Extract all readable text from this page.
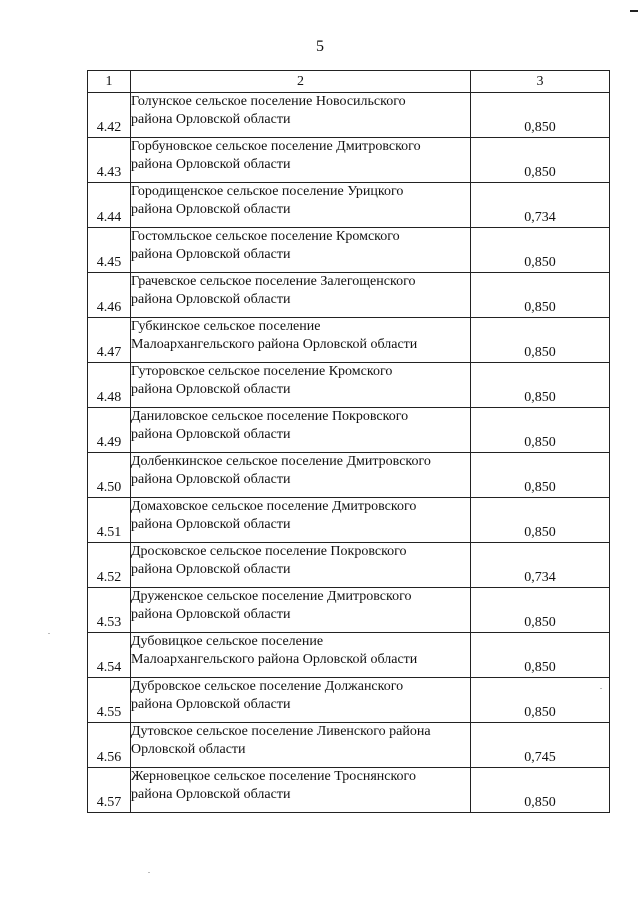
5
1	2	3
4.42	Голунское сельское поселение Новосильского
района Орловской области	0,850
4.43	Горбуновское сельское поселение Дмитровского
района Орловской области	0,850
4.44	Городищенское сельское поселение Урицкого
района Орловской области	0,734
4.45	Гостомльское сельское поселение Кромского
района Орловской области	0,850
4.46	Грачевское сельское поселение Залегощенского
района Орловской области	0,850
4.47	Губкинское сельское поселение
Малоархангельского района Орловской области	0,850
4.48	Гуторовское сельское поселение Кромского
района Орловской области	0,850
4.49	Даниловское сельское поселение Покровского
района Орловской области	0,850
4.50	Долбенкинское сельское поселение Дмитровского
района Орловской области	0,850
4.51	Домаховское сельское поселение Дмитровского
района Орловской области	0,850
4.52	Дросковское сельское поселение Покровского
района Орловской области	0,734
4.53	Друженское сельское поселение Дмитровского
района Орловской области	0,850
4.54	Дубовицкое сельское поселение
Малоархангельского района Орловской области	0,850
4.55	Дубровское сельское поселение Должанского
района Орловской области	0,850
4.56	Дутовское сельское поселение Ливенского района
Орловской области	0,745
4.57	Жерновецкое сельское поселение Троснянского
района Орловской области	0,850
